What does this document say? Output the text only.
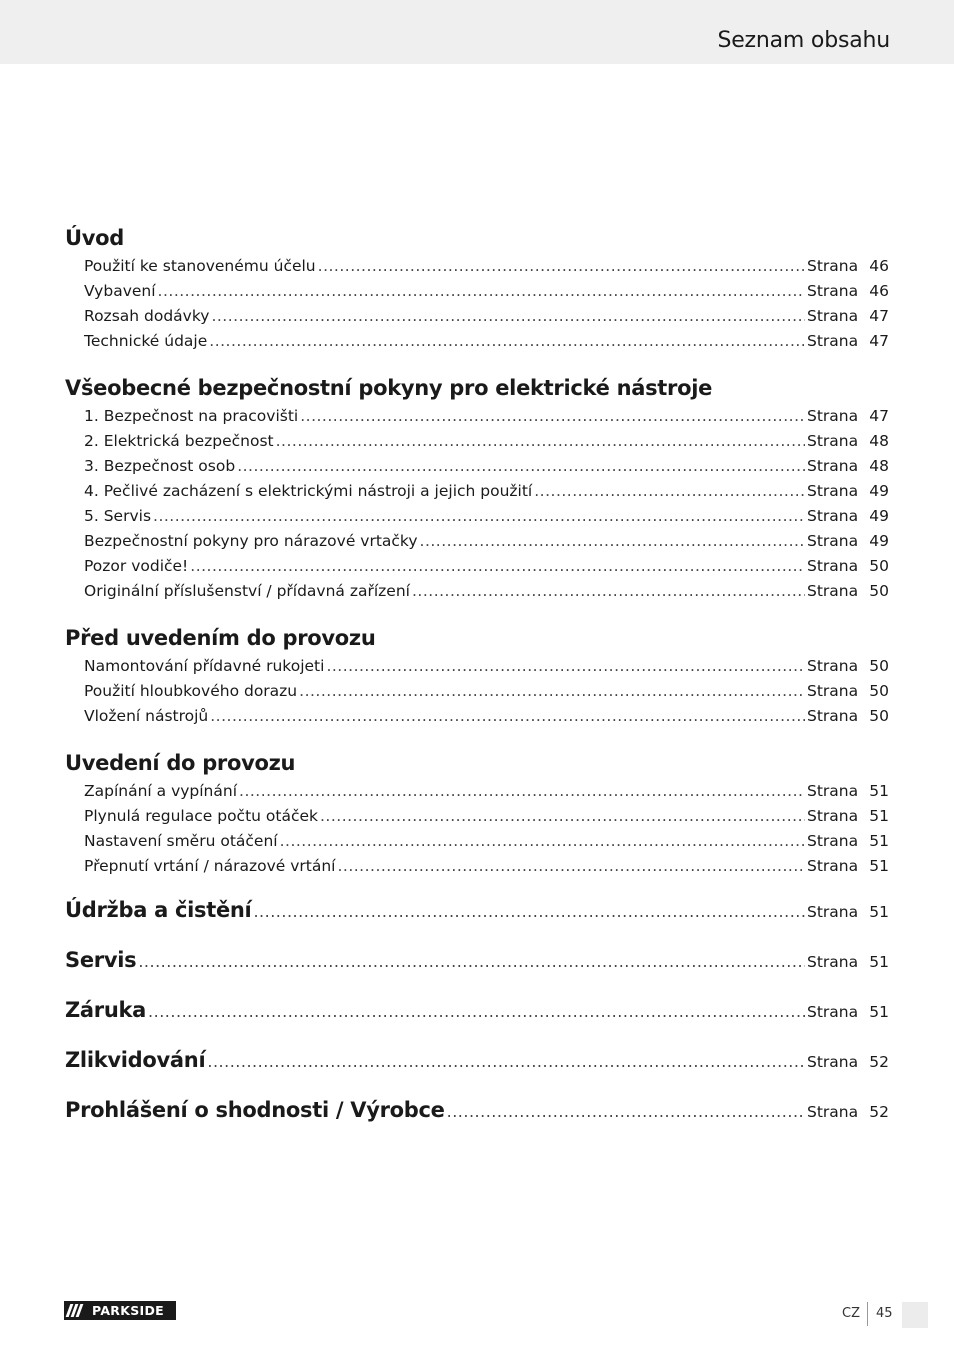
Seznam obsahu
Úvod
Použití ke stanovenému účelu .....	Strana 46
Vybavení .....	Strana 46
Rozsah dodávky .....	Strana 47
Technické údaje .....	Strana 47
Všeobecné bezpečnostní pokyny pro elektrické nástroje
1. Bezpečnost na pracovišti .....	Strana 47
2. Elektrická bezpečnost .....	Strana 48
3. Bezpečnost osob .....	Strana 48
4. Pečlivé zacházení s elektrickými nástroji a jejich použití .....	Strana 49
5. Servis .....	Strana 49
Bezpečnostní pokyny pro nárazové vrtačky .....	Strana 49
Pozor vodiče! .....	Strana 50
Originální příslušenství / přídavná zařízení .....	Strana 50
Před uvedením do provozu
Namontování přídavné rukojeti .....	Strana 50
Použití hloubkového dorazu .....	Strana 50
Vložení nástrojů .....	Strana 50
Uvedení do provozu
Zapínání a vypínání .....	Strana 51
Plynulá regulace počtu otáček .....	Strana 51
Nastavení směru otáčení .....	Strana 51
Přepnutí vrtání / nárazové vrtání .....	Strana 51
Údržba a čistění .....	Strana 51
Servis .....	Strana 51
Záruka .....	Strana 51
Zlikvidování .....	Strana 52
Prohlášení o shodnosti / Výrobce .....	Strana 52
PARKSIDE	CZ 45
